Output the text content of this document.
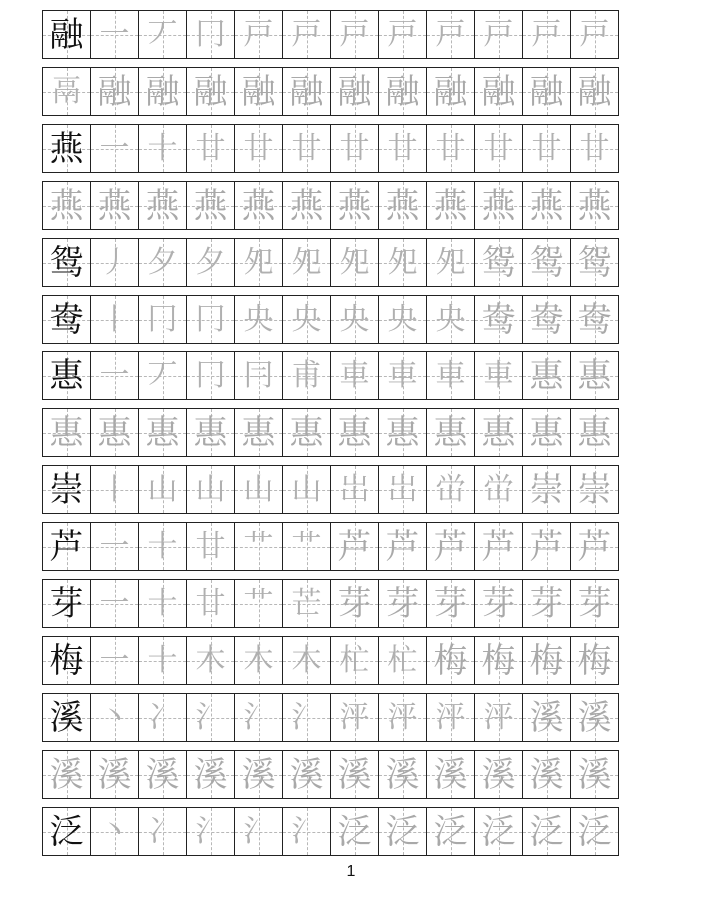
融 一 丆 冂 戸 戸 戸 戸 戸 戸 戸 戸
鬲 融 融 融 融 融 融 融 融 融 融 融
燕 一 十 廿 廿 廿 廿 廿 廿 廿 廿 廿
燕 燕 燕 燕 燕 燕 燕 燕 燕 燕 燕 燕
鸳 丿 夕 夕 夗 夗 夗 夗 夗 鸳 鸳 鸳
鸯 丨 冂 冂 央 央 央 央 央 鸯 鸯 鸯
惠 一 丆 冂 冃 甫 車 車 車 車 惠 惠
惠 惠 惠 惠 惠 惠 惠 惠 惠 惠 惠 惠
崇 丨 山 山 山 山 岀 岀 峃 峃 崇 崇
芦 一 十 廿 艹 艹 芦 芦 芦 芦 芦 芦
芽 一 十 廿 艹 芒 芽 芽 芽 芽 芽 芽
梅 一 十 木 木 木 杧 杧 梅 梅 梅 梅
溪 丶 冫 氵 氵 氵 泙 泙 泙 泙 溪 溪
溪 溪 溪 溪 溪 溪 溪 溪 溪 溪 溪 溪
泛 丶 冫 氵 氵 氵 泛 泛 泛 泛 泛 泛
1
